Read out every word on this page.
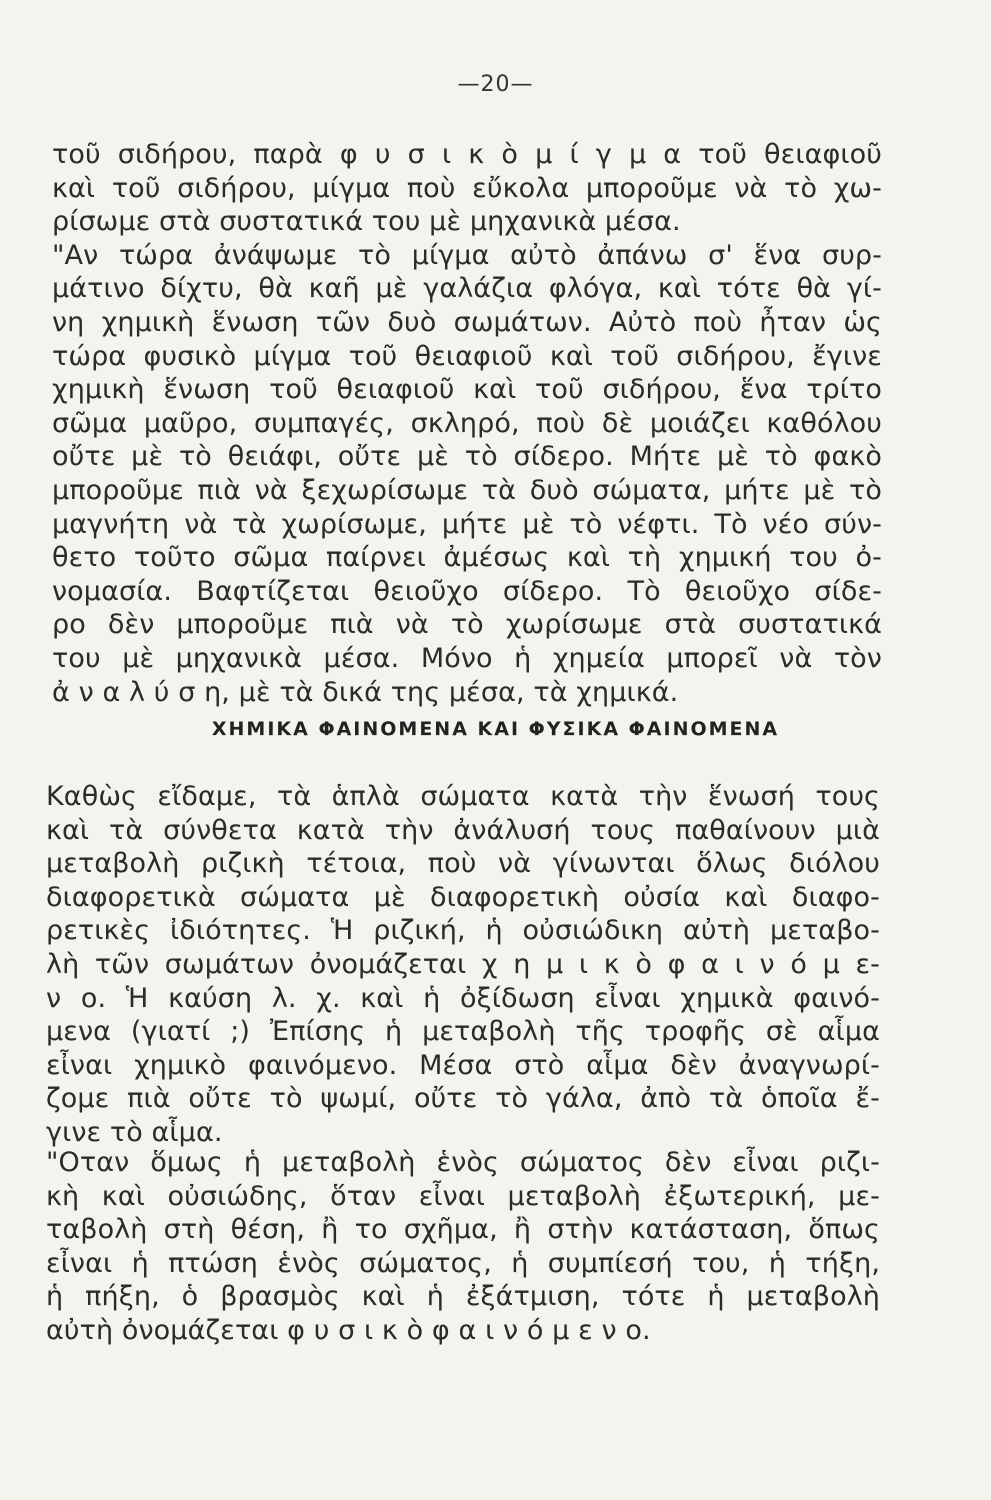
—20—
τοῦ σιδήρου, παρὰ φ υ σ ι κ ὸ μ ί γ μ α τοῦ θειαφιοῦ
καὶ τοῦ σιδήρου, μίγμα ποὺ εὔκολα μποροῦμε νὰ τὸ χω-
ρίσωμε στὰ συστατικά του μὲ μηχανικὰ μέσα.
"Αν τώρα ἀνάψωμε τὸ μίγμα αὐτὸ ἀπάνω σ' ἕνα συρ-
μάτινο δίχτυ, θὰ καῆ μὲ γαλάζια φλόγα, καὶ τότε θὰ γί-
νη χημικὴ ἕνωση τῶν δυὸ σωμάτων. Αὐτὸ ποὺ ἦταν ὡς
τώρα φυσικὸ μίγμα τοῦ θειαφιοῦ καὶ τοῦ σιδήρου, ἔγινε
χημικὴ ἕνωση τοῦ θειαφιοῦ καὶ τοῦ σιδήρου, ἕνα τρίτο
σῶμα μαῦρο, συμπαγές, σκληρό, ποὺ δὲ μοιάζει καθόλου
οὔτε μὲ τὸ θειάφι, οὔτε μὲ τὸ σίδερο. Μήτε μὲ τὸ φακὸ
μποροῦμε πιὰ νὰ ξεχωρίσωμε τὰ δυὸ σώματα, μήτε μὲ τὸ
μαγνήτη νὰ τὰ χωρίσωμε, μήτε μὲ τὸ νέφτι. Τὸ νέο σύν-
θετο τοῦτο σῶμα παίρνει ἀμέσως καὶ τὴ χημική του ὀ-
νομασία. Βαφτίζεται θειοῦχο σίδερο. Τὸ θειοῦχο σίδε-
ρο δὲν μποροῦμε πιὰ νὰ τὸ χωρίσωμε στὰ συστατικά
του μὲ μηχανικὰ μέσα. Μόνο ἡ χημεία μπορεῖ νὰ τὸν
ἀ ν α λ ύ σ η, μὲ τὰ δικά της μέσα, τὰ χημικά.
ΧΗΜΙΚΑ ΦΑΙΝΟΜΕΝΑ ΚΑΙ ΦΥΣΙΚΑ ΦΑΙΝΟΜΕΝΑ
Καθὼς εἴδαμε, τὰ ἁπλὰ σώματα κατὰ τὴν ἕνωσή τους
καὶ τὰ σύνθετα κατὰ τὴν ἀνάλυσή τους παθαίνουν μιὰ
μεταβολὴ ριζικὴ τέτοια, ποὺ νὰ γίνωνται ὅλως διόλου
διαφορετικὰ σώματα μὲ διαφορετικὴ οὐσία καὶ διαφο-
ρετικὲς ἰδιότητες. Ἡ ριζική, ἡ οὐσιώδικη αὐτὴ μεταβο-
λὴ τῶν σωμάτων ὀνομάζεται χ η μ ι κ ὸ φ α ι ν ό μ ε-
ν ο. Ἡ καύση λ. χ. καὶ ἡ ὀξίδωση εἶναι χημικὰ φαινό-
μενα (γιατί ;) Ἐπίσης ἡ μεταβολὴ τῆς τροφῆς σὲ αἷμα
εἶναι χημικὸ φαινόμενο. Μέσα στὸ αἷμα δὲν ἀναγνωρί-
ζομε πιὰ οὔτε τὸ ψωμί, οὔτε τὸ γάλα, ἀπὸ τὰ ὁποῖα ἔ-
γινε τὸ αἷμα.
"Οταν ὅμως ἡ μεταβολὴ ἑνὸς σώματος δὲν εἶναι ριζι-
κὴ καὶ οὐσιώδης, ὅταν εἶναι μεταβολὴ ἐξωτερική, με-
ταβολὴ στὴ θέση, ἢ το σχῆμα, ἢ στὴν κατάσταση, ὅπως
εἶναι ἡ πτώση ἑνὸς σώματος, ἡ συμπίεσή του, ἡ τήξη,
ἡ πήξη, ὁ βρασμὸς καὶ ἡ ἐξάτμιση, τότε ἡ μεταβολὴ
αὐτὴ ὀνομάζεται φ υ σ ι κ ὸ φ α ι ν ό μ ε ν ο.
